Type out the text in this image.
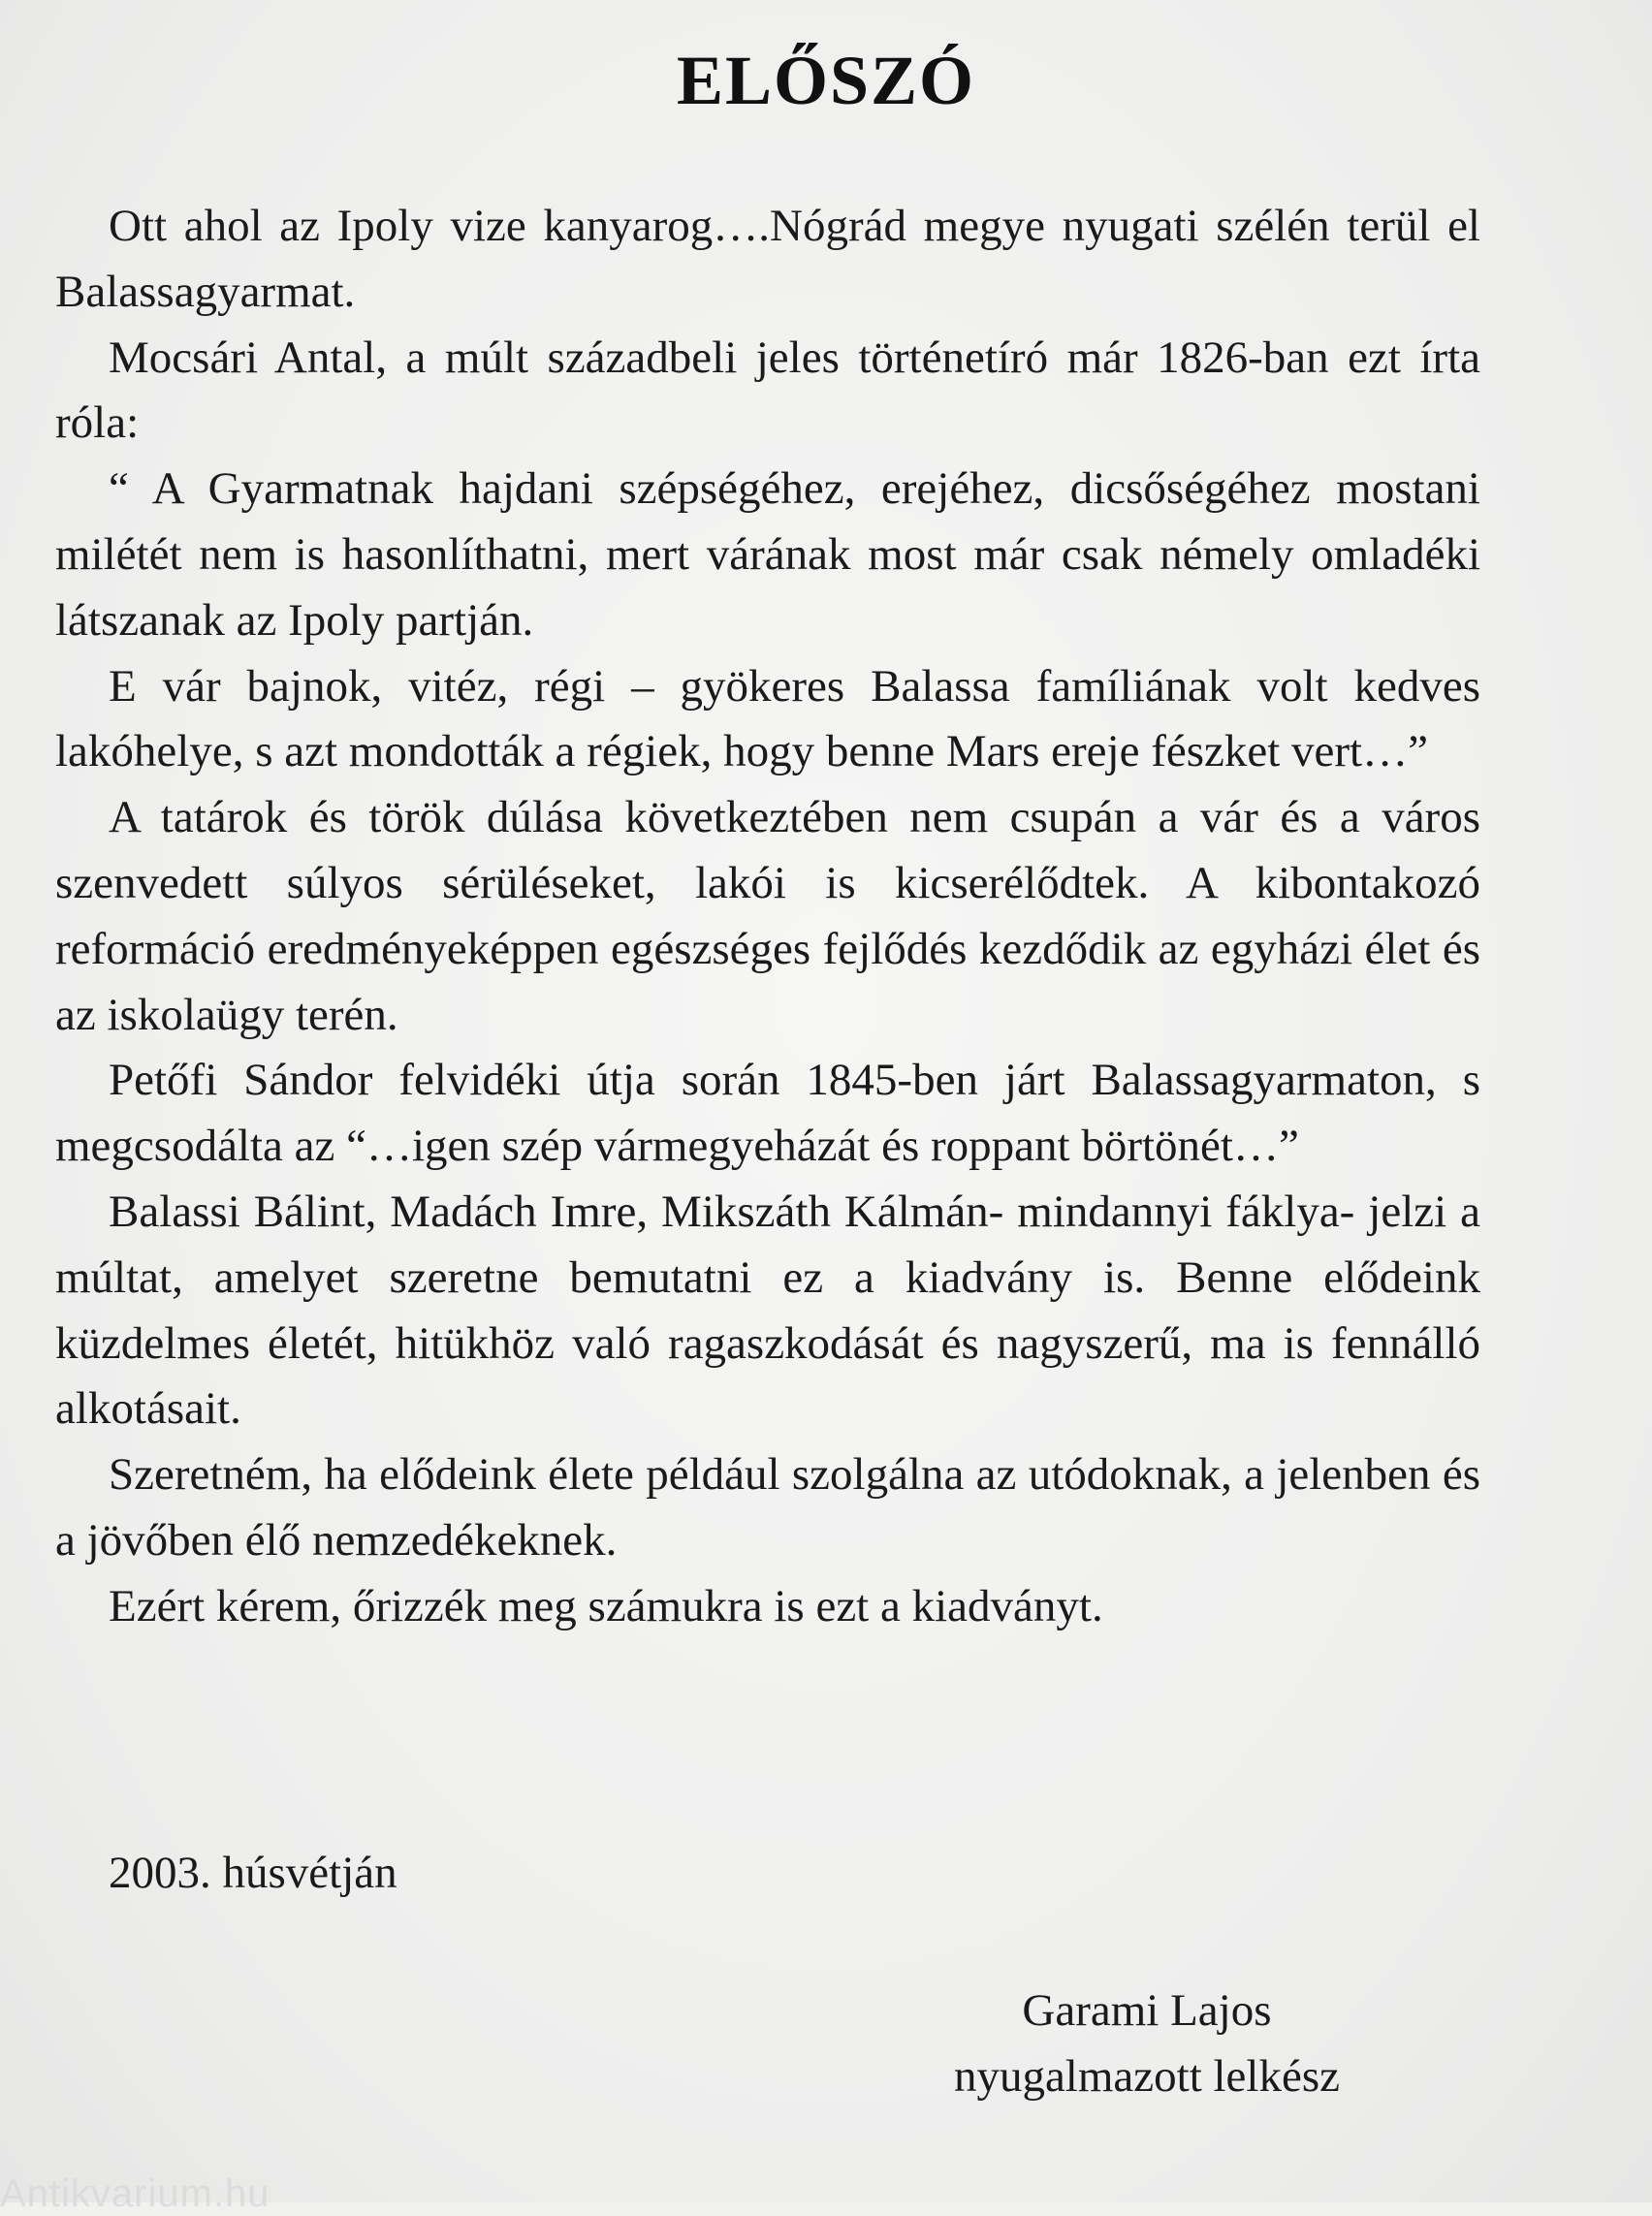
ELŐSZÓ

Ott ahol az Ipoly vize kanyarog….Nógrád megye nyugati szélén terül el Balassagyarmat.

Mocsári Antal, a múlt századbeli jeles történetíró már 1826-ban ezt írta róla:

“ A Gyarmatnak hajdani szépségéhez, erejéhez, dicsőségéhez mostani milétét nem is hasonlíthatni, mert várának most már csak némely omladéki látszanak az Ipoly partján.

E vár bajnok, vitéz, régi – gyökeres Balassa famíliának volt kedves lakóhelye, s azt mondották a régiek, hogy benne Mars ereje fészket vert…”

A tatárok és török dúlása következtében nem csupán a vár és a város szenvedett súlyos sérüléseket, lakói is kicserélődtek. A kibontakozó reformáció eredményeképpen egészséges fejlődés kezdődik az egyházi élet és az iskolaügy terén.

Petőfi Sándor felvidéki útja során 1845-ben járt Balassagyarmaton, s megcsodálta az “…igen szép vármegyeházát és roppant börtönét…”

Balassi Bálint, Madách Imre, Mikszáth Kálmán- mindannyi fáklya- jelzi a múltat, amelyet szeretne bemutatni ez a kiadvány is. Benne elődeink küzdelmes életét, hitükhöz való ragaszkodását és nagyszerű, ma is fennálló alkotásait.

Szeretném, ha elődeink élete például szolgálna az utódoknak, a jelenben és a jövőben élő nemzedékeknek.

Ezért kérem, őrizzék meg számukra is ezt a kiadványt.

2003. húsvétján

Garami Lajos
nyugalmazott lelkész
Antikvarium.hu
